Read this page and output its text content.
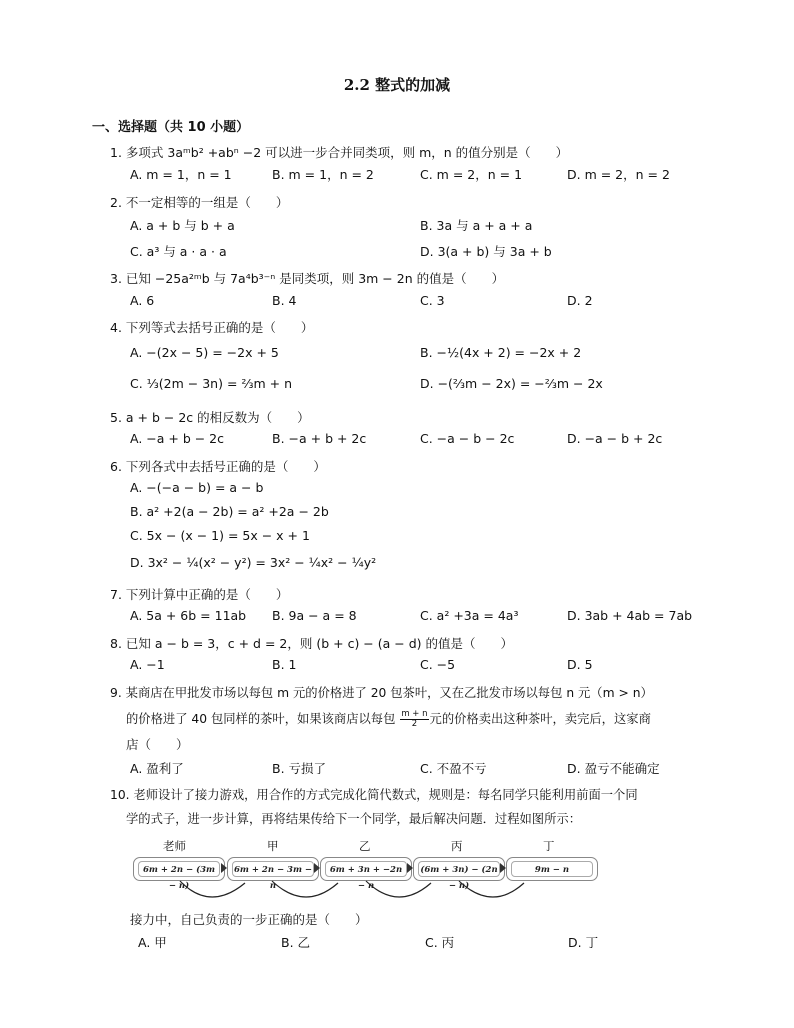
2.2 整式的加减
一、选择题（共 10 小题）
1. 多项式 3aᵐb² +abⁿ −2 可以进一步合并同类项，则 m，n 的值分别是（　　）
A. m = 1，n = 1	B. m = 1，n = 2	C. m = 2，n = 1	D. m = 2，n = 2
2. 不一定相等的一组是（　　）
A. a + b 与 b + a	B. 3a 与 a + a + a
C. a³ 与 a · a · a	D. 3(a + b) 与 3a + b
3. 已知 −25a²ᵐb 与 7a⁴b³⁻ⁿ 是同类项，则 3m − 2n 的值是（　　）
A. 6	B. 4	C. 3	D. 2
4. 下列等式去括号正确的是（　　）
A. −(2x − 5) = −2x + 5	B. −½(4x + 2) = −2x + 2
C. ⅓(2m − 3n) = ⅔m + n	D. −(⅔m − 2x) = −⅔m − 2x
5. a + b − 2c 的相反数为（　　）
A. −a + b − 2c	B. −a + b + 2c	C. −a − b − 2c	D. −a − b + 2c
6. 下列各式中去括号正确的是（　　）
A. −(−a − b) = a − b
B. a² +2(a − 2b) = a² +2a − 2b
C. 5x − (x − 1) = 5x − x + 1
D. 3x² − ¼(x² − y²) = 3x² − ¼x² − ¼y²
7. 下列计算中正确的是（　　）
A. 5a + 6b = 11ab B. 9a − a = 8	C. a² +3a = 4a³	D. 3ab + 4ab = 7ab
8. 已知 a − b = 3，c + d = 2，则 (b + c) − (a − d) 的值是（　　）
A. −1	B. 1	C. −5	D. 5
9. 某商店在甲批发市场以每包 m 元的价格进了 20 包茶叶，又在乙批发市场以每包 n 元（m > n）
的价格进了 40 包同样的茶叶，如果该商店以每包 $\frac{m + n}{2}$ 元的价格卖出这种茶叶，卖完后，这家商
店（　　）
A. 盈利了	B. 亏损了	C. 不盈不亏	D. 盈亏不能确定
10. 老师设计了接力游戏，用合作的方式完成化简代数式，规则是：每名同学只能利用前面一个同
学的式子，进一步计算，再将结果传给下一个同学，最后解决问题．过程如图所示：
老师	甲	乙	丙	丁
6m + 2n − (3m − n)
6m + 2n − 3m − n
6m + 3n + −2n − n
(6m + 3n) − (2n − n)
9m − n
接力中，自己负责的一步正确的是（　　）
A. 甲	B. 乙	C. 丙	D. 丁
